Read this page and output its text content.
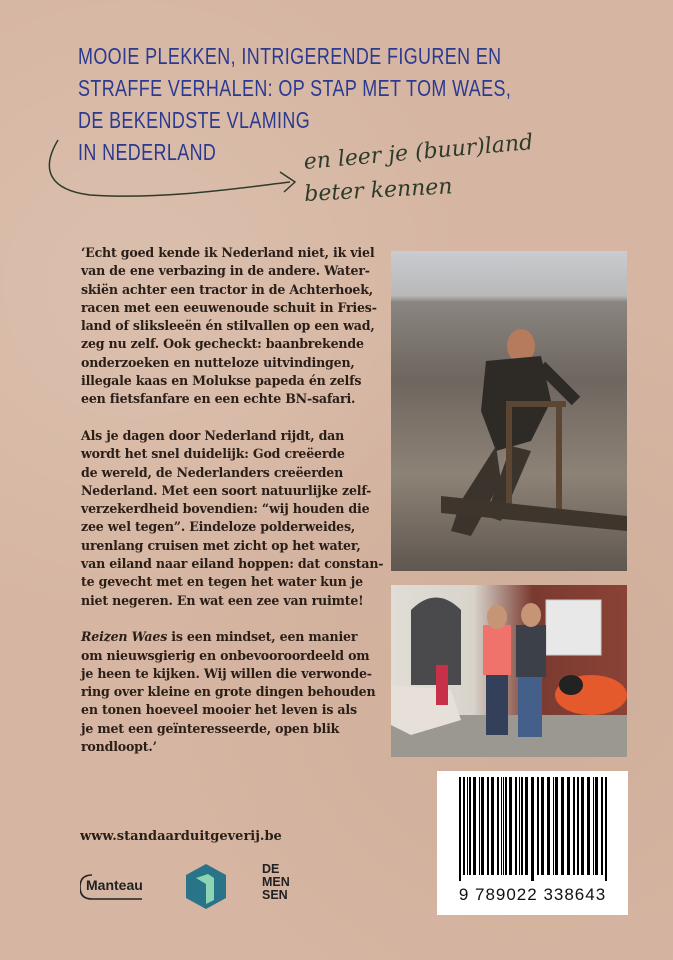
MOOIE PLEKKEN, INTRIGERENDE FIGUREN EN
STRAFFE VERHALEN: OP STAP MET TOM WAES,
DE BEKENDSTE VLAMING
IN NEDERLAND	en leer je (buur)land
beter kennen

‘Echt goed kende ik Nederland niet, ik viel
van de ene verbazing in de andere. Water-
skiën achter een tractor in de Achterhoek,
racen met een eeuwenoude schuit in Fries-
land of sliksleeën én stilvallen op een wad,
zeg nu zelf. Ook gecheckt: baanbrekende
onderzoeken en nutteloze uitvindingen,
illegale kaas en Molukse papeda én zelfs
een fietsfanfare en een echte BN-safari.

Als je dagen door Nederland rijdt, dan
wordt het snel duidelijk: God creëerde
de wereld, de Nederlanders creëerden
Nederland. Met een soort natuurlijke zelf-
verzekerdheid bovendien: “wij houden die
zee wel tegen”. Eindeloze polderweides,
urenlang cruisen met zicht op het water,
van eiland naar eiland hoppen: dat constan-
te gevecht met en tegen het water kun je
niet negeren. En wat een zee van ruimte!

Reizen Waes is een mindset, een manier
om nieuwsgierig en onbevooroordeeld om
je heen te kijken. Wij willen die verwonde-
ring over kleine en grote dingen behouden
en tonen hoeveel mooier het leven is als
je met een geïnteresseerde, open blik
rondloopt.’

9 789022 338643
www.standaarduitgeverij.be
Manteau
DE
MEN
SEN
